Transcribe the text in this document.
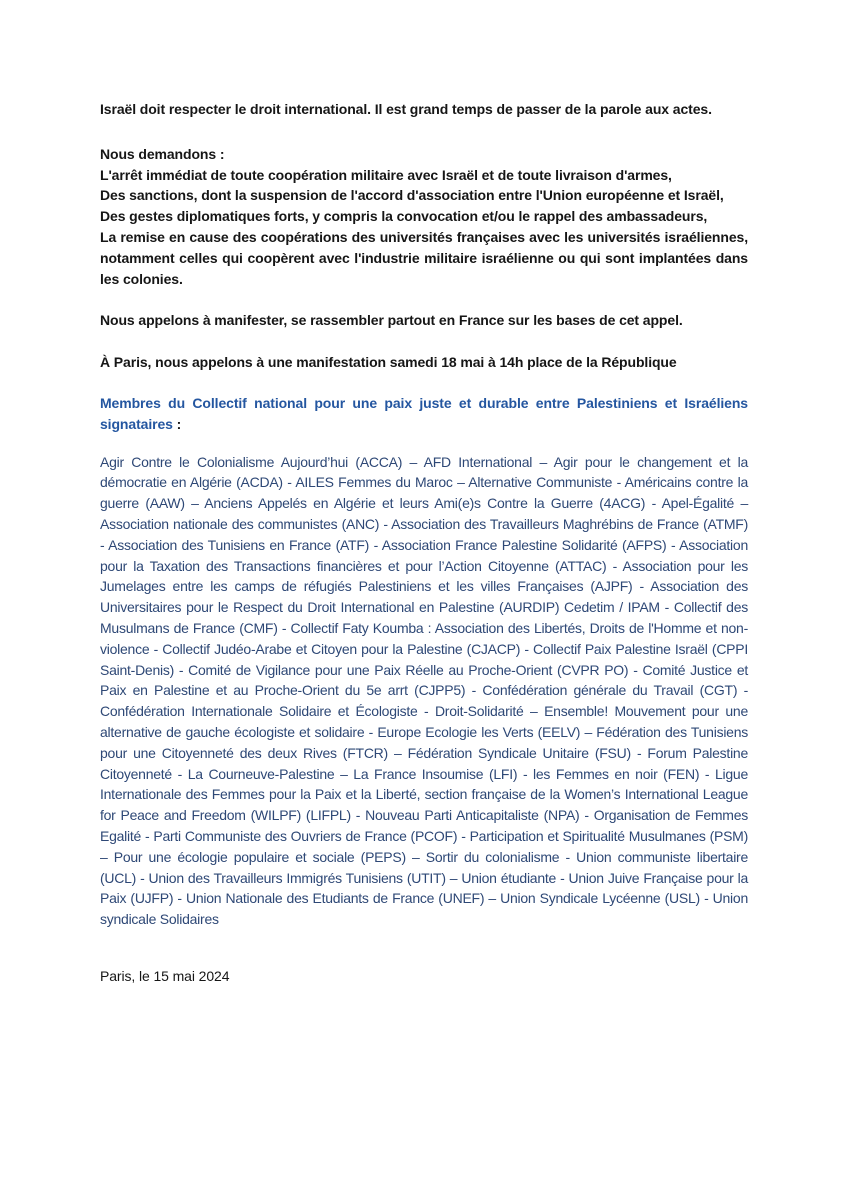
Israël doit respecter le droit international. Il est grand temps de passer de la parole aux actes.

Nous demandons :
L'arrêt immédiat de toute coopération militaire avec Israël et de toute livraison d'armes,
Des sanctions, dont la suspension de l'accord d'association entre l'Union européenne et Israël,
Des gestes diplomatiques forts, y compris la convocation et/ou le rappel des ambassadeurs,
La remise en cause des coopérations des universités françaises avec les universités israéliennes, notamment celles qui coopèrent avec l'industrie militaire israélienne ou qui sont implantées dans les colonies.

Nous appelons à manifester, se rassembler partout en France sur les bases de cet appel.

À Paris, nous appelons à une manifestation samedi 18 mai à 14h place de la République

Membres du Collectif national pour une paix juste et durable entre Palestiniens et Israéliens signataires :

Agir Contre le Colonialisme Aujourd’hui (ACCA) – AFD International – Agir pour le changement et la démocratie en Algérie (ACDA) - AILES Femmes du Maroc – Alternative Communiste - Américains contre la guerre (AAW) – Anciens Appelés en Algérie et leurs Ami(e)s Contre la Guerre (4ACG) - Apel-Égalité – Association nationale des communistes (ANC) - Association des Travailleurs Maghrébins de France (ATMF) - Association des Tunisiens en France (ATF) - Association France Palestine Solidarité (AFPS) - Association pour la Taxation des Transactions financières et pour l’Action Citoyenne (ATTAC) - Association pour les Jumelages entre les camps de réfugiés Palestiniens et les villes Françaises (AJPF) - Association des Universitaires pour le Respect du Droit International en Palestine (AURDIP) Cedetim / IPAM - Collectif des Musulmans de France (CMF) - Collectif Faty Koumba : Association des Libertés, Droits de l'Homme et non-violence - Collectif Judéo-Arabe et Citoyen pour la Palestine (CJACP) - Collectif Paix Palestine Israël (CPPI Saint-Denis) - Comité de Vigilance pour une Paix Réelle au Proche-Orient (CVPR PO) - Comité Justice et Paix en Palestine et au Proche-Orient du 5e arrt (CJPP5) - Confédération générale du Travail (CGT) - Confédération Internationale Solidaire et Écologiste - Droit-Solidarité – Ensemble! Mouvement pour une alternative de gauche écologiste et solidaire - Europe Ecologie les Verts (EELV) – Fédération des Tunisiens pour une Citoyenneté des deux Rives (FTCR) – Fédération Syndicale Unitaire (FSU) - Forum Palestine Citoyenneté - La Courneuve-Palestine – La France Insoumise (LFI) - les Femmes en noir (FEN) - Ligue Internationale des Femmes pour la Paix et la Liberté, section française de la Women’s International League for Peace and Freedom (WILPF) (LIFPL) - Nouveau Parti Anticapitaliste (NPA) - Organisation de Femmes Egalité - Parti Communiste des Ouvriers de France (PCOF) - Participation et Spiritualité Musulmanes (PSM) – Pour une écologie populaire et sociale (PEPS) – Sortir du colonialisme - Union communiste libertaire (UCL) - Union des Travailleurs Immigrés Tunisiens (UTIT) – Union étudiante - Union Juive Française pour la Paix (UJFP) - Union Nationale des Etudiants de France (UNEF) – Union Syndicale Lycéenne (USL) - Union syndicale Solidaires

Paris, le 15 mai 2024
